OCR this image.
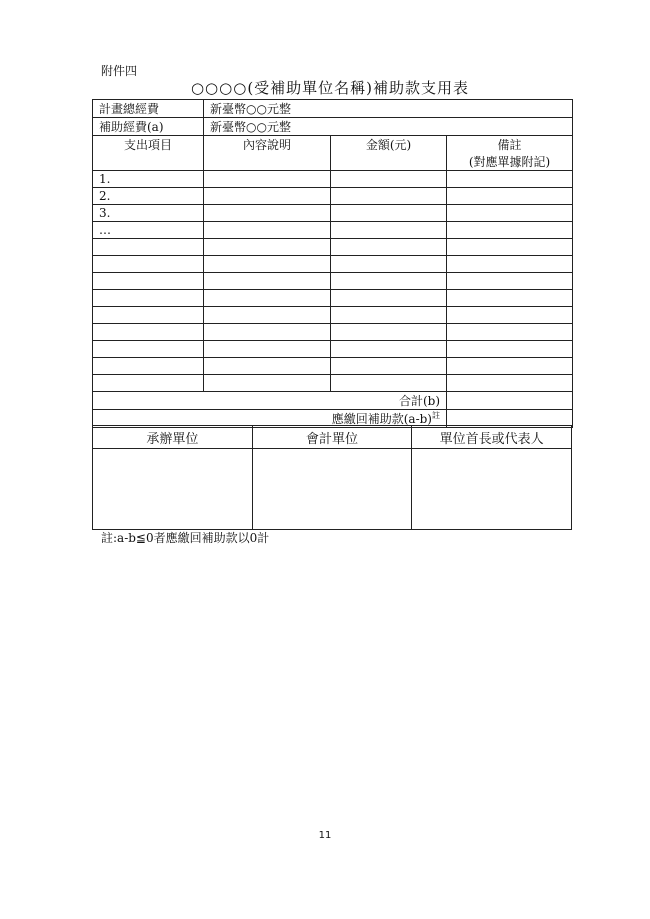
附件四
○○○○(受補助單位名稱)補助款支用表
計畫總經費	新臺幣○○元整		
補助經費(a)	新臺幣○○元整		
支出項目	內容說明	金額(元)	備註
(對應單據附記)

1.			
2.			
3.			
…			

合計(b)			
應繳回補助款$(a-b)^註$	
承辦單位	會計單位	單位首長或代表人

註:a-b≦0者應繳回補助款以0計
11
